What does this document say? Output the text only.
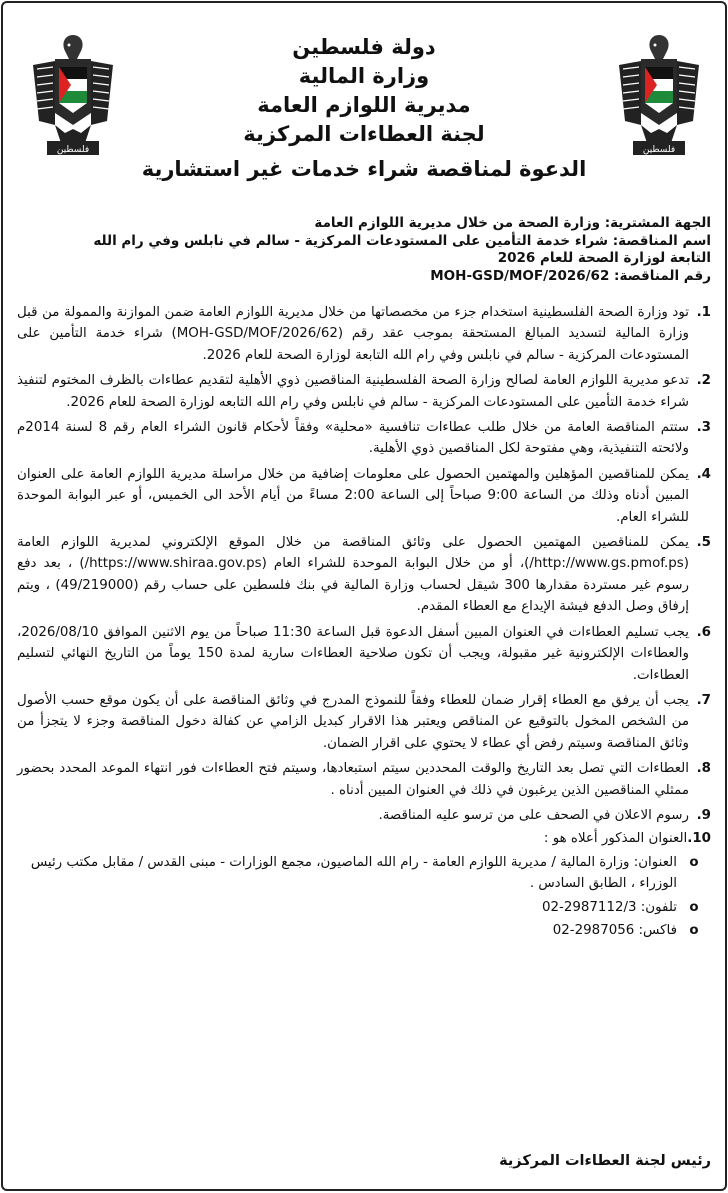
فلسطين
فلسطين
دولة فلسطين
وزارة المالية
مديرية اللوازم العامة
لجنة العطاءات المركزية
الدعوة لمناقصة شراء خدمات غير استشارية

الجهة المشترية: وزارة الصحة من خلال مديرية اللوازم العامة

اسم المناقصة: شراء خدمة التأمين على المستودعات المركزية - سالم في نابلس وفي رام الله

التابعة لوزارة الصحة للعام 2026

رقم المناقصة: MOH-GSD/MOF/2026/62

1.
تود وزارة الصحة الفلسطينية استخدام جزء من مخصصاتها من خلال مديرية اللوازم العامة ضمن الموازنة والممولة من قبل وزارة المالية لتسديد المبالغ المستحقة بموجب عقد رقم (MOH-GSD/MOF/2026/62) شراء خدمة التأمين على المستودعات المركزية - سالم في نابلس وفي رام الله التابعة لوزارة الصحة للعام 2026.
2.
تدعو مديرية اللوازم العامة لصالح وزارة الصحة الفلسطينية المناقصين ذوي الأهلية لتقديم عطاءات بالظرف المختوم لتنفيذ شراء خدمة التأمين على المستودعات المركزية - سالم في نابلس وفي رام الله التابعه لوزارة الصحة للعام 2026.
3.
ستتم المناقصة العامة من خلال طلب عطاءات تنافسية «محلية» وفقاً لأحكام قانون الشراء العام رقم 8 لسنة 2014م ولائحته التنفيذية، وهي مفتوحة لكل المناقصين ذوي الأهلية.
4.
يمكن للمناقصين المؤهلين والمهتمين الحصول على معلومات إضافية من خلال مراسلة مديرية اللوازم العامة على العنوان المبين أدناه وذلك من الساعة 9:00 صباحاً إلى الساعة 2:00 مساءً من أيام الأحد الى الخميس، أو عبر البوابة الموحدة للشراء العام.
5.
يمكن للمناقصين المهتمين الحصول على وثائق المناقصة من خلال الموقع الإلكتروني لمديرية اللوازم العامة (http://www.gs.pmof.ps/)، أو من خلال البوابة الموحدة للشراء العام (https://www.shiraa.gov.ps/) ، بعد دفع رسوم غير مستردة مقدارها 300 شيقل لحساب وزارة المالية في بنك فلسطين على حساب رقم (49/219000) ، ويتم إرفاق وصل الدفع فيشة الإيداع مع العطاء المقدم.
6.
يجب تسليم العطاءات في العنوان المبين أسفل الدعوة قبل الساعة 11:30 صباحاً من يوم الاثنين الموافق 2026/08/10، والعطاءات الإلكترونية غير مقبولة، ويجب أن تكون صلاحية العطاءات سارية لمدة 150 يوماً من التاريخ النهائي لتسليم العطاءات.
7.
يجب أن يرفق مع العطاء إقرار ضمان للعطاء وفقاً للنموذج المدرج في وثائق المناقصة على أن يكون موقع حسب الأصول من الشخص المخول بالتوقيع عن المناقص ويعتبر هذا الاقرار كبديل الزامي عن كفالة دخول المناقصة وجزء لا يتجزأ من وثائق المناقصة وسيتم رفض أي عطاء لا يحتوي على اقرار الضمان.
8.
العطاءات التي تصل بعد التاريخ والوقت المحددين سيتم استبعادها، وسيتم فتح العطاءات فور انتهاء الموعد المحدد بحضور ممثلي المناقصين الذين يرغبون في ذلك في العنوان المبين أدناه .
9.
رسوم الاعلان في الصحف على من ترسو عليه المناقصة.
10.
العنوان المذكور أعلاه هو :
o
العنوان: وزارة المالية / مديرية اللوازم العامة - رام الله الماصيون، مجمع الوزارات - مبنى القدس / مقابل مكتب رئيس الوزراء ، الطابق السادس .
o
تلفون: 02-2987112/3
o
فاكس: 02-2987056
رئيس لجنة العطاءات المركزية
